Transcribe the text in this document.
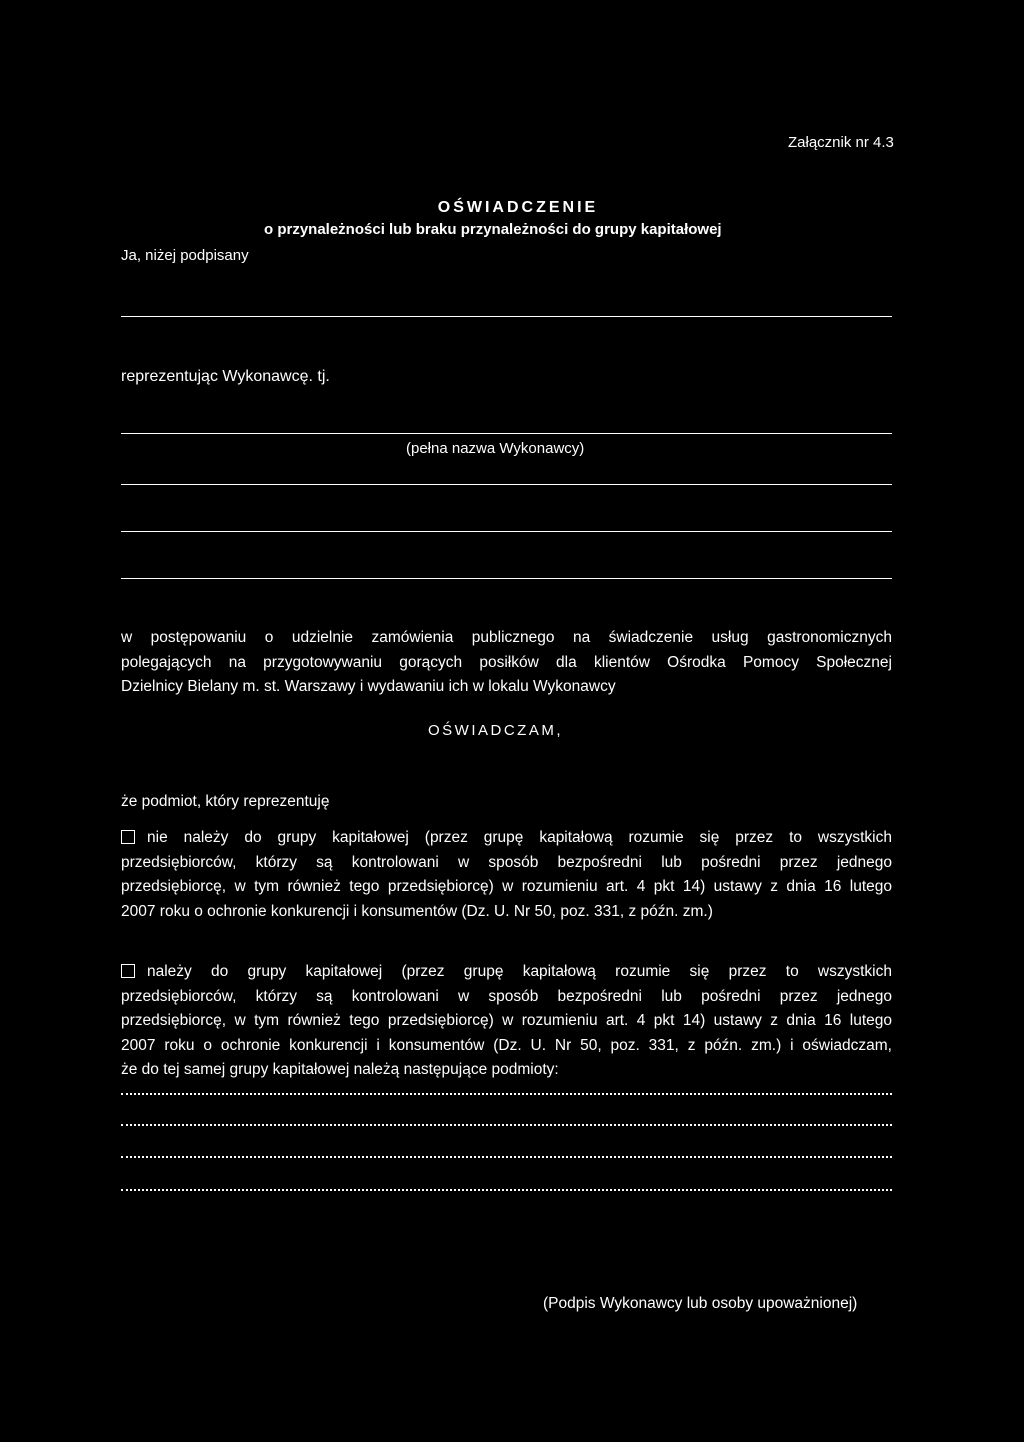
Załącznik nr 4.3
OŚWIADCZENIE
o przynależności lub braku przynależności do grupy kapitałowej
Ja, niżej podpisany
reprezentując Wykonawcę. tj.
(pełna nazwa Wykonawcy)
w postępowaniu o udzielnie zamówienia publicznego na świadczenie usług gastronomicznych
polegających na przygotowywaniu gorących posiłków dla klientów Ośrodka Pomocy Społecznej
Dzielnicy Bielany m. st. Warszawy i wydawaniu ich w lokalu Wykonawcy
OŚWIADCZAM,
że podmiot, który reprezentuję
nie należy do grupy kapitałowej (przez grupę kapitałową rozumie się przez to wszystkich
przedsiębiorców, którzy są kontrolowani w sposób bezpośredni lub pośredni przez jednego
przedsiębiorcę, w tym również tego przedsiębiorcę) w rozumieniu art. 4 pkt 14) ustawy z dnia 16 lutego
2007 roku o ochronie konkurencji i konsumentów (Dz. U. Nr 50, poz. 331, z późn. zm.)
należy do grupy kapitałowej (przez grupę kapitałową rozumie się przez to wszystkich
przedsiębiorców, którzy są kontrolowani w sposób bezpośredni lub pośredni przez jednego
przedsiębiorcę, w tym również tego przedsiębiorcę) w rozumieniu art. 4 pkt 14) ustawy z dnia 16 lutego
2007 roku o ochronie konkurencji i konsumentów (Dz. U. Nr 50, poz. 331, z późn. zm.) i oświadczam,
że do tej samej grupy kapitałowej należą następujące podmioty:
(Podpis Wykonawcy lub osoby upoważnionej)
